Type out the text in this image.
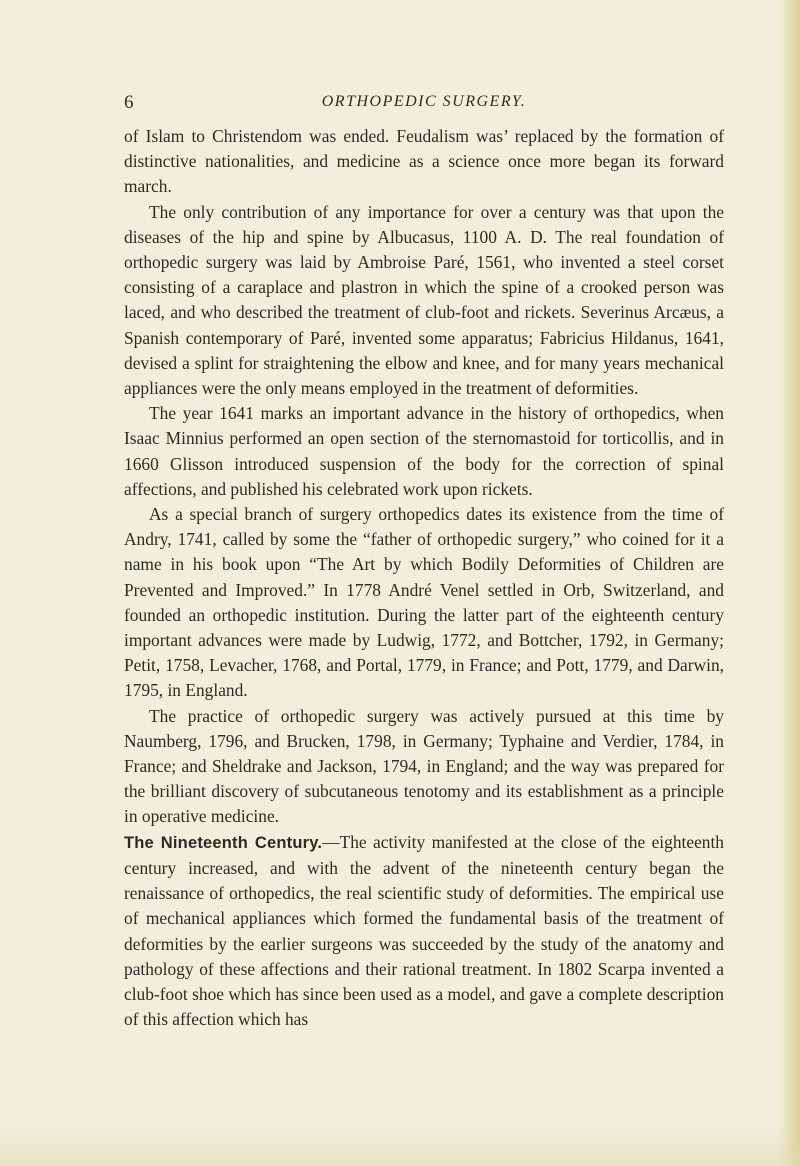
6	ORTHOPEDIC SURGERY.

of Islam to Christendom was ended. Feudalism was’ replaced by the formation of distinctive nationalities, and medicine as a science once more began its forward march.

The only contribution of any importance for over a century was that upon the diseases of the hip and spine by Albucasus, 1100 A. D. The real foundation of orthopedic surgery was laid by Ambroise Paré, 1561, who invented a steel corset consisting of a caraplace and plastron in which the spine of a crooked person was laced, and who described the treatment of club-foot and rickets. Severinus Arcæus, a Spanish contemporary of Paré, invented some apparatus; Fabricius Hildanus, 1641, devised a splint for straightening the elbow and knee, and for many years mechanical appliances were the only means employed in the treatment of deformities.

The year 1641 marks an important advance in the history of orthopedics, when Isaac Minnius performed an open section of the sternomastoid for torticollis, and in 1660 Glisson introduced suspension of the body for the correction of spinal affections, and published his celebrated work upon rickets.

As a special branch of surgery orthopedics dates its existence from the time of Andry, 1741, called by some the “father of orthopedic surgery,” who coined for it a name in his book upon “The Art by which Bodily Deformities of Children are Prevented and Improved.” In 1778 André Venel settled in Orb, Switzerland, and founded an orthopedic institution. During the latter part of the eighteenth century important advances were made by Ludwig, 1772, and Bottcher, 1792, in Germany; Petit, 1758, Levacher, 1768, and Portal, 1779, in France; and Pott, 1779, and Darwin, 1795, in England.

The practice of orthopedic surgery was actively pursued at this time by Naumberg, 1796, and Brucken, 1798, in Germany; Typhaine and Verdier, 1784, in France; and Sheldrake and Jackson, 1794, in England; and the way was prepared for the brilliant discovery of subcutaneous tenotomy and its establishment as a principle in operative medicine.

The Nineteenth Century.—The activity manifested at the close of the eighteenth century increased, and with the advent of the nineteenth century began the renaissance of orthopedics, the real scientific study of deformities. The empirical use of mechanical appliances which formed the fundamental basis of the treatment of deformities by the earlier surgeons was succeeded by the study of the anatomy and pathology of these affections and their rational treatment. In 1802 Scarpa invented a club-foot shoe which has since been used as a model, and gave a complete description of this affection which has
